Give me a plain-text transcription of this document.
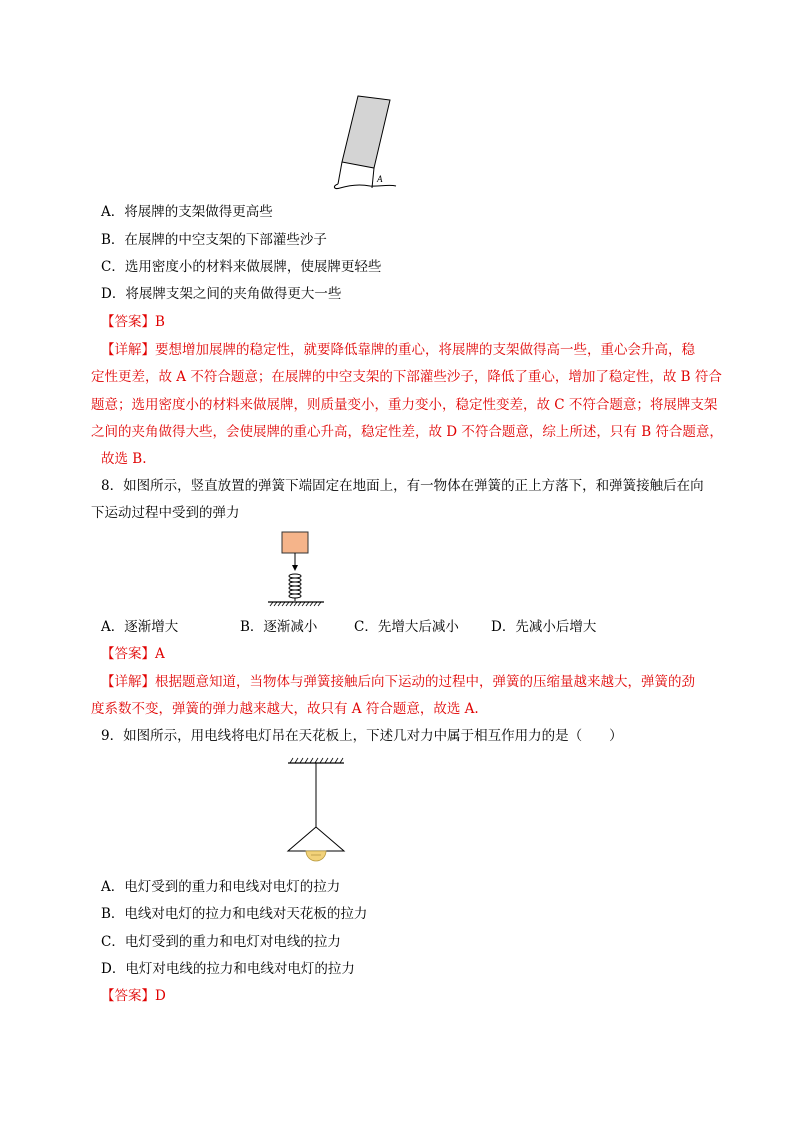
A
A．将展牌的支架做得更高些
B．在展牌的中空支架的下部灌些沙子
C．选用密度小的材料来做展牌，使展牌更轻些
D．将展牌支架之间的夹角做得更大一些
【答案】B
【详解】要想增加展牌的稳定性，就要降低靠牌的重心，将展牌的支架做得高一些，重心会升高，稳
定性更差，故 A 不符合题意；在展牌的中空支架的下部灌些沙子，降低了重心，增加了稳定性，故 B 符合
题意；选用密度小的材料来做展牌，则质量变小，重力变小，稳定性变差，故 C 不符合题意；将展牌支架
之间的夹角做得大些，会使展牌的重心升高，稳定性差，故 D 不符合题意，综上所述，只有 B 符合题意，
故选 B.
8．如图所示，竖直放置的弹簧下端固定在地面上，有一物体在弹簧的正上方落下，和弹簧接触后在向
下运动过程中受到的弹力
A．逐渐增大	B．逐渐减小	C．先增大后减小 D．先减小后增大
【答案】A
【详解】根据题意知道，当物体与弹簧接触后向下运动的过程中，弹簧的压缩量越来越大，弹簧的劲
度系数不变，弹簧的弹力越来越大，故只有 A 符合题意，故选 A.
9．如图所示，用电线将电灯吊在天花板上，下述几对力中属于相互作用力的是（　　）
A．电灯受到的重力和电线对电灯的拉力
B．电线对电灯的拉力和电线对天花板的拉力
C．电灯受到的重力和电灯对电线的拉力
D．电灯对电线的拉力和电线对电灯的拉力
【答案】D
